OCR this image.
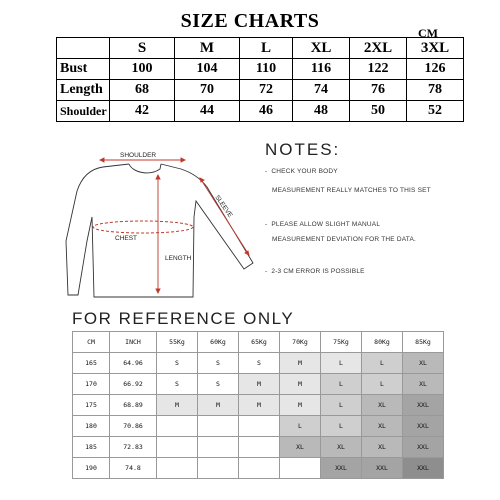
SIZE CHARTS
CM
	S	M	L	XL	2XL	3XL
Bust	100	104	110	116	122	126
Length	68	70	72	74	76	78
Shoulder	42	44	46	48	50	52
SHOULDER
SLEEVE
CHEST
LENGTH
NOTES:
- CHECK YOUR BODY
MEASUREMENT REALLY MATCHES TO THIS SET
- PLEASE ALLOW SLIGHT MANUAL
MEASUREMENT DEVIATION FOR THE DATA.
- 2-3 CM ERROR IS POSSIBLE
FOR REFERENCE ONLY
CM	INCH	55Kg	60Kg	65Kg	70Kg	75Kg	80Kg	85Kg
165	64.96	S	S	S	M	L	L	XL
170	66.92	S	S	M	M	L	L	XL
175	68.89	M	M	M	M	L	XL	XXL
180	70.86				L	L	XL	XXL
185	72.83				XL	XL	XL	XXL
190	74.8					XXL	XXL	XXL
